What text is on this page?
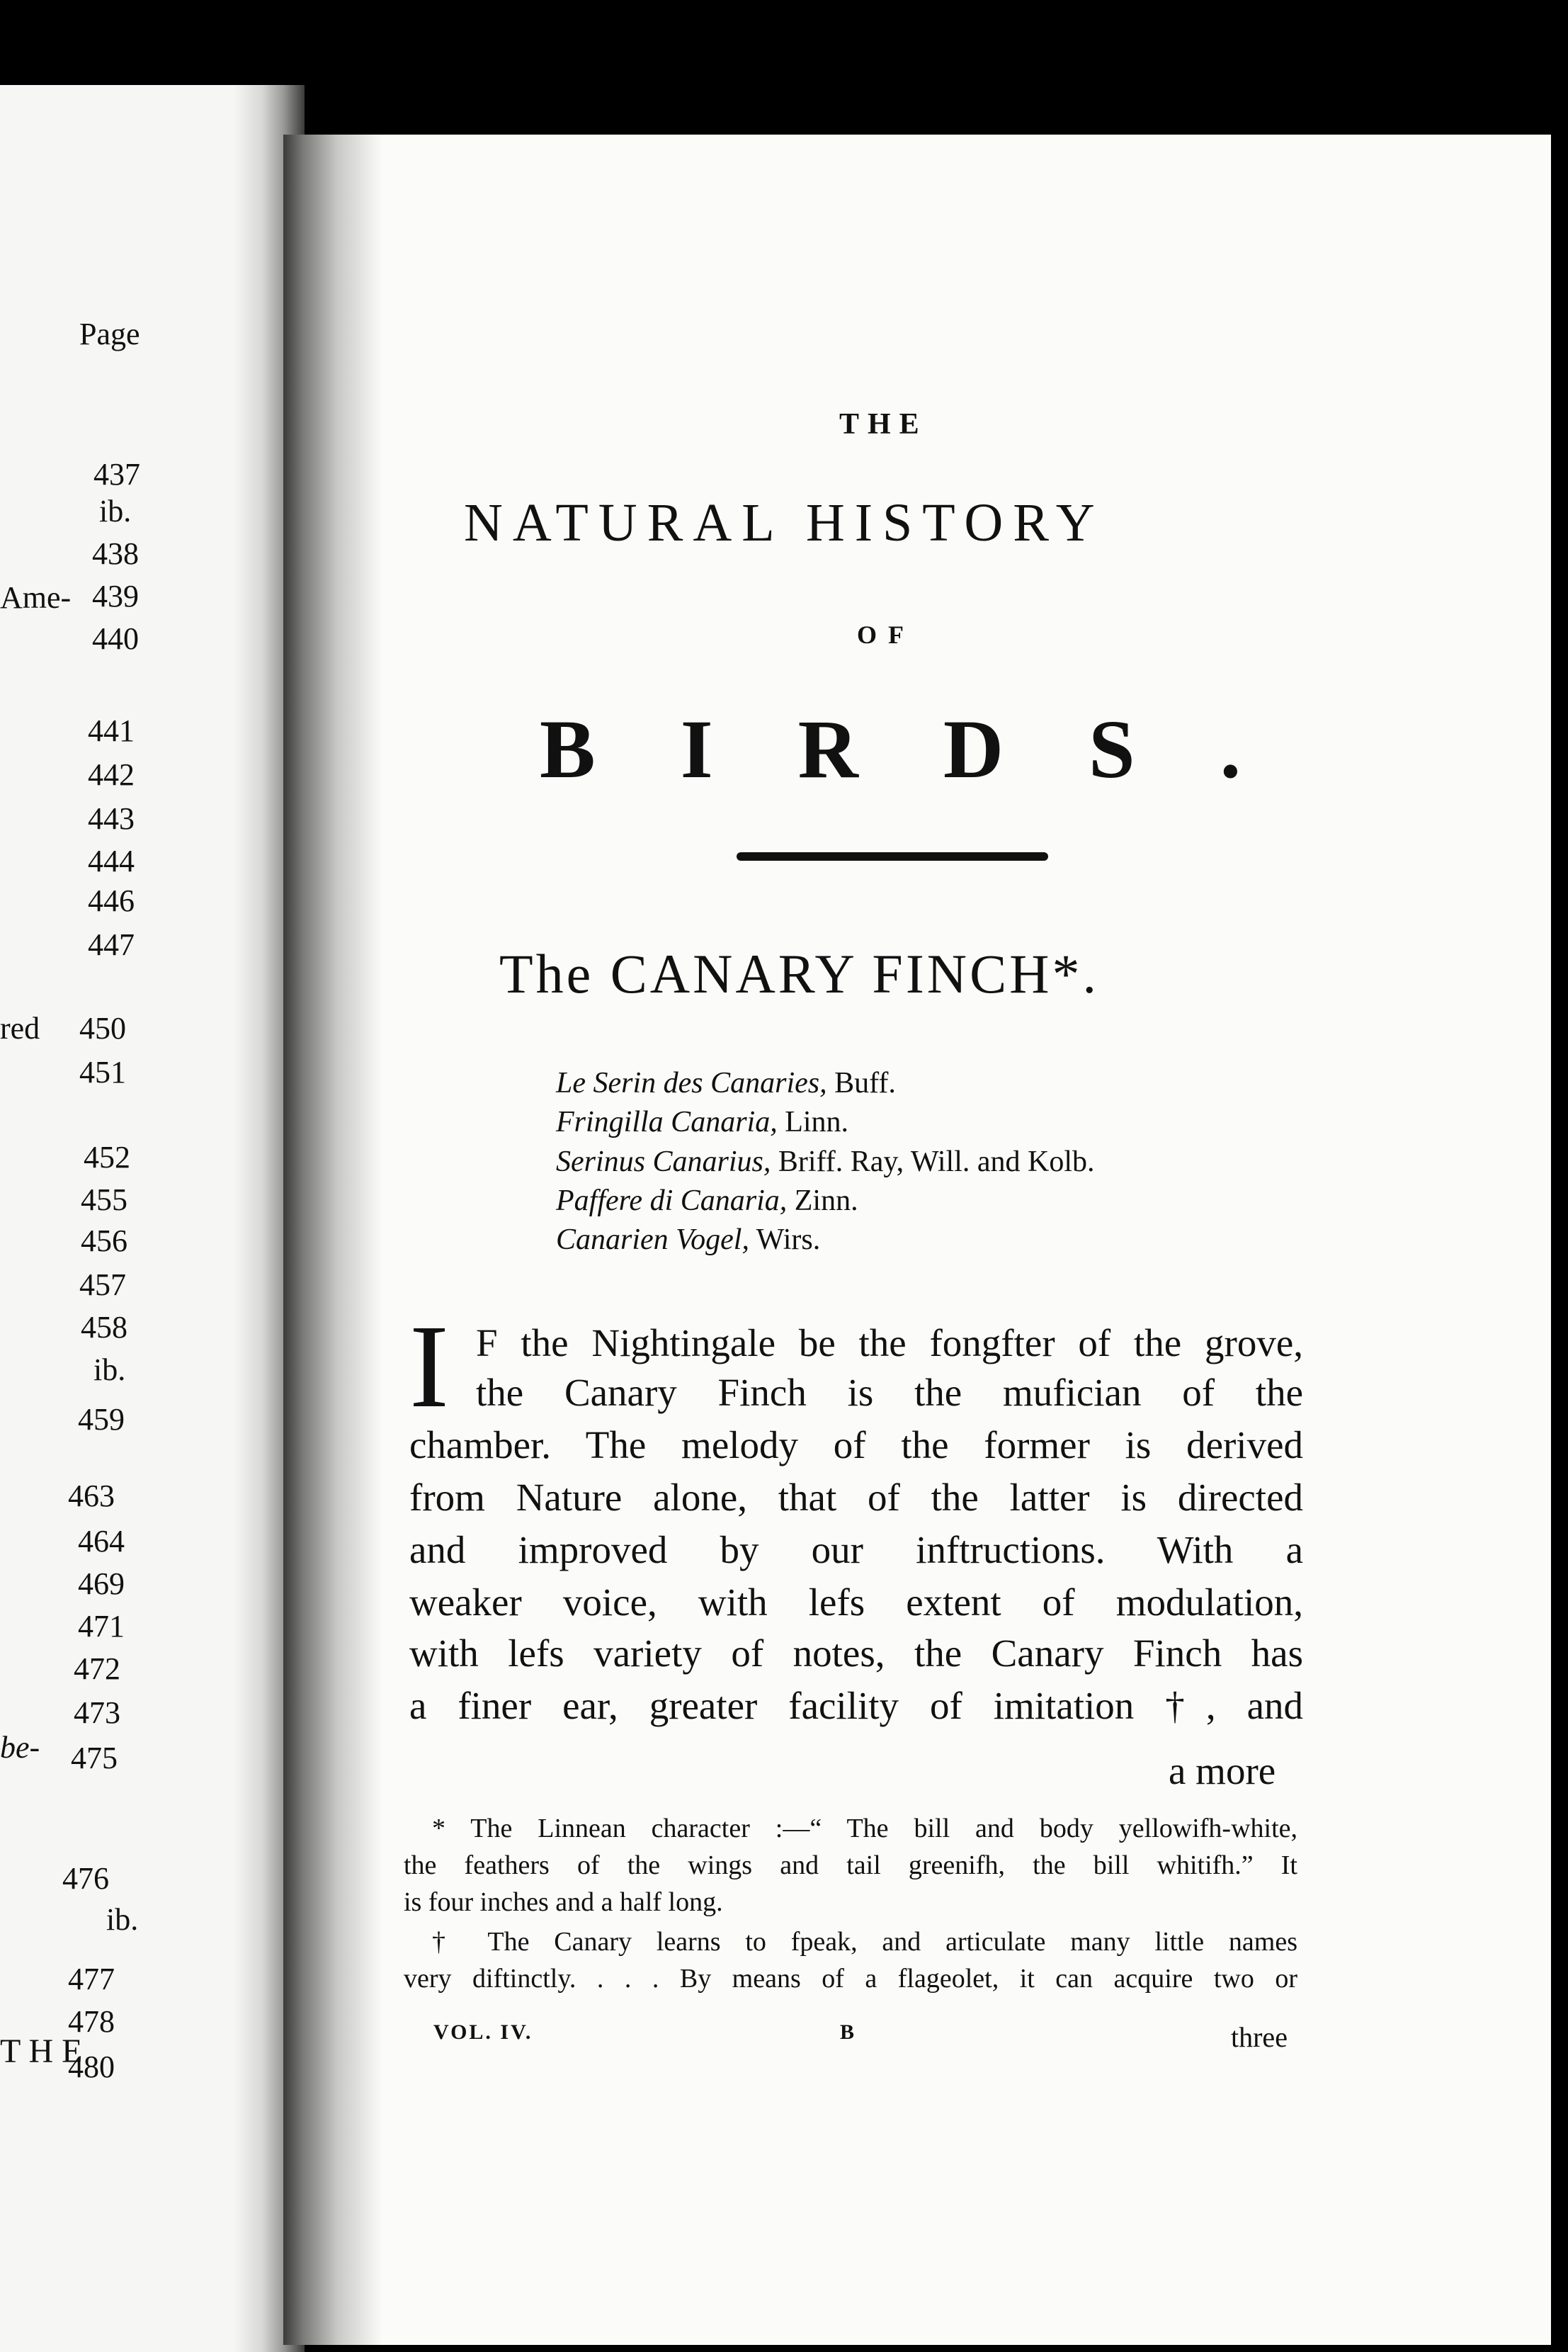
Page
437
ib.
438
439
440
441
442
443
444
446
447
450
451
452
455
456
457
458
ib.
459
463
464
469
471
472
473
475
476
ib.
477
478
480
Ame-
red
be-
T H E
THE
NATURAL HISTORY
OF
BIRDS.
The CANARY FINCH*.
Le Serin des Canaries, Buff.
Fringilla Canaria, Linn.
Serinus Canarius, Briff. Ray, Will. and Kolb.
Paffere di Canaria, Zinn.
Canarien Vogel, Wirs.
I F the Nightingale be the fongfter of the grove,
the Canary Finch is the mufician of the
chamber. The melody of the former is derived
from Nature alone, that of the latter is directed
and improved by our inftructions. With a
weaker voice, with lefs extent of modulation,
with lefs variety of notes, the Canary Finch has
a finer ear, greater facility of imitation †, and
a more
* The Linnean character :—“ The bill and body yellowifh-white,
the feathers of the wings and tail greenifh, the bill whitifh.” It
is four inches and a half long.
† The Canary learns to fpeak, and articulate many little names
very diftinctly. . . . By means of a flageolet, it can acquire two or
VOL. IV.	B	three
